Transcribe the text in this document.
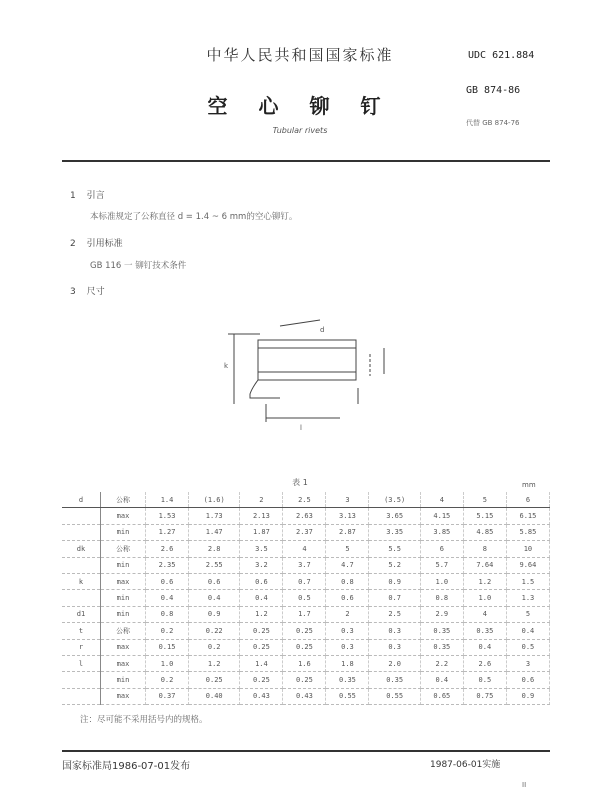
中华人民共和国国家标准	UDC 621.884
GB 874-86
代替 GB 874-76
空 心 铆 钉
Tubular rivets
1 引言
本标准规定了公称直径 d = 1.4 ~ 6 mm的空心铆钉。
2 引用标准
GB 116 一 铆钉技术条件
3 尺寸
d
k
l
表 1	mm
d	公称	1.4	(1.6)	2	2.5	3	(3.5)	4	5	6
	max	1.53	1.73	2.13	2.63	3.13	3.65	4.15	5.15	6.15
	min	1.27	1.47	1.87	2.37	2.87	3.35	3.85	4.85	5.85
dk	公称	2.6	2.8	3.5	4	5	5.5	6	8	10
	min	2.35	2.55	3.2	3.7	4.7	5.2	5.7	7.64	9.64
k	max	0.6	0.6	0.6	0.7	0.8	0.9	1.0	1.2	1.5
	min	0.4	0.4	0.4	0.5	0.6	0.7	0.8	1.0	1.3
d1	min	0.8	0.9	1.2	1.7	2	2.5	2.9	4	5
t	公称	0.2	0.22	0.25	0.25	0.3	0.3	0.35	0.35	0.4
r	max	0.15	0.2	0.25	0.25	0.3	0.3	0.35	0.4	0.5
l	max	1.0	1.2	1.4	1.6	1.8	2.0	2.2	2.6	3
	min	0.2	0.25	0.25	0.25	0.35	0.35	0.4	0.5	0.6
	max	0.37	0.40	0.43	0.43	0.55	0.55	0.65	0.75	0.9
注：尽可能不采用括号内的规格。
国家标准局1986-07-01发布	1987-06-01实施
II
